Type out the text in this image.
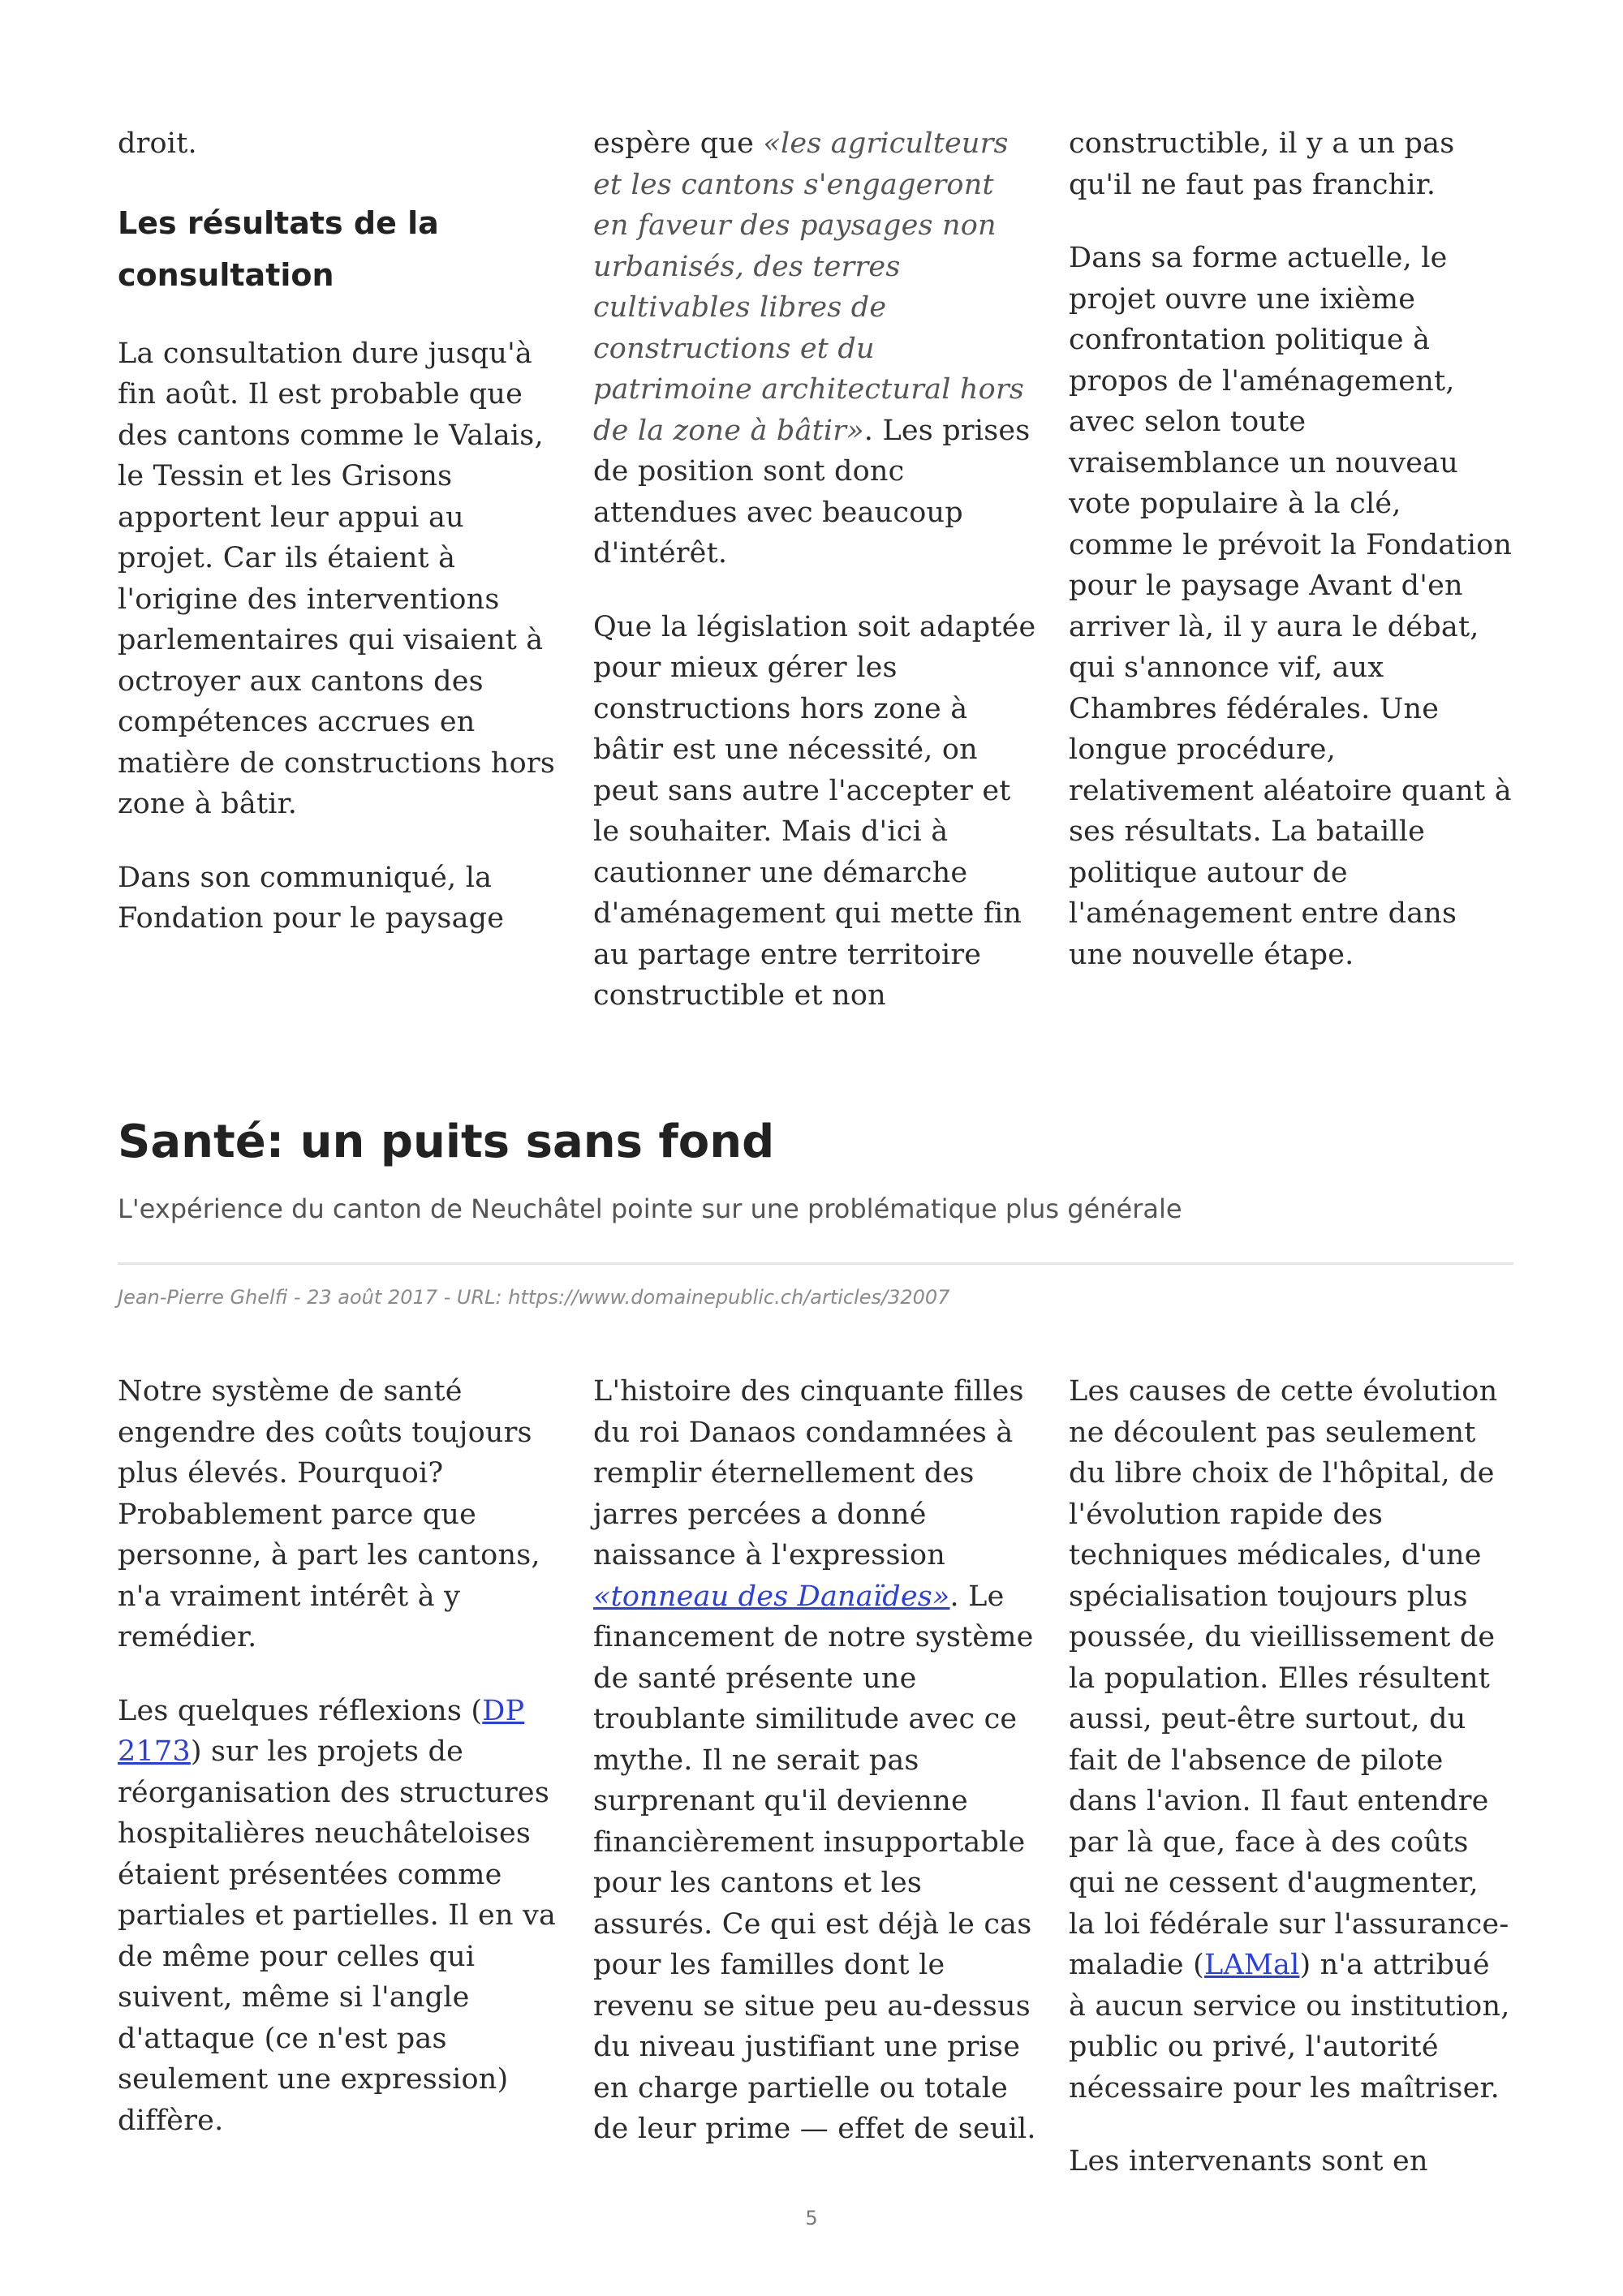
droit.

Les résultats de la consultation

La consultation dure jusqu'à fin août. Il est probable que des cantons comme le Valais, le Tessin et les Grisons apportent leur appui au projet. Car ils étaient à l'origine des interventions parlementaires qui visaient à octroyer aux cantons des compétences accrues en matière de constructions hors zone à bâtir.

Dans son communiqué, la Fondation pour le paysage

espère que «les agriculteurs et les cantons s'engageront en faveur des paysages non urbanisés, des terres cultivables libres de constructions et du patrimoine architectural hors de la zone à bâtir». Les prises de position sont donc attendues avec beaucoup d'intérêt.

Que la législation soit adaptée pour mieux gérer les constructions hors zone à bâtir est une nécessité, on peut sans autre l'accepter et le souhaiter. Mais d'ici à cautionner une démarche d'aménagement qui mette fin au partage entre territoire constructible et non

constructible, il y a un pas qu'il ne faut pas franchir.

Dans sa forme actuelle, le projet ouvre une ixième confrontation politique à propos de l'aménagement, avec selon toute vraisemblance un nouveau vote populaire à la clé, comme le prévoit la Fondation pour le paysage Avant d'en arriver là, il y aura le débat, qui s'annonce vif, aux Chambres fédérales. Une longue procédure, relativement aléatoire quant à ses résultats. La bataille politique autour de l'aménagement entre dans une nouvelle étape.

Santé: un puits sans fond

L'expérience du canton de Neuchâtel pointe sur une problématique plus générale

Jean-Pierre Ghelfi - 23 août 2017 - URL: https://www.domainepublic.ch/articles/32007

Notre système de santé engendre des coûts toujours plus élevés. Pourquoi? Probablement parce que personne, à part les cantons, n'a vraiment intérêt à y remédier.

Les quelques réflexions (DP 2173) sur les projets de réorganisation des structures hospitalières neuchâteloises étaient présentées comme partiales et partielles. Il en va de même pour celles qui suivent, même si l'angle d'attaque (ce n'est pas seulement une expression) diffère.

L'histoire des cinquante filles du roi Danaos condamnées à remplir éternellement des jarres percées a donné naissance à l'expression «tonneau des Danaïdes». Le financement de notre système de santé présente une troublante similitude avec ce mythe. Il ne serait pas surprenant qu'il devienne financièrement insupportable pour les cantons et les assurés. Ce qui est déjà le cas pour les familles dont le revenu se situe peu au-dessus du niveau justifiant une prise en charge partielle ou totale de leur prime — effet de seuil.

Les causes de cette évolution ne découlent pas seulement du libre choix de l'hôpital, de l'évolution rapide des techniques médicales, d'une spécialisation toujours plus poussée, du vieillissement de la population. Elles résultent aussi, peut-être surtout, du fait de l'absence de pilote dans l'avion. Il faut entendre par là que, face à des coûts qui ne cessent d'augmenter, la loi fédérale sur l'assurance-maladie (LAMal) n'a attribué à aucun service ou institution, public ou privé, l'autorité nécessaire pour les maîtriser.

Les intervenants sont en

5
